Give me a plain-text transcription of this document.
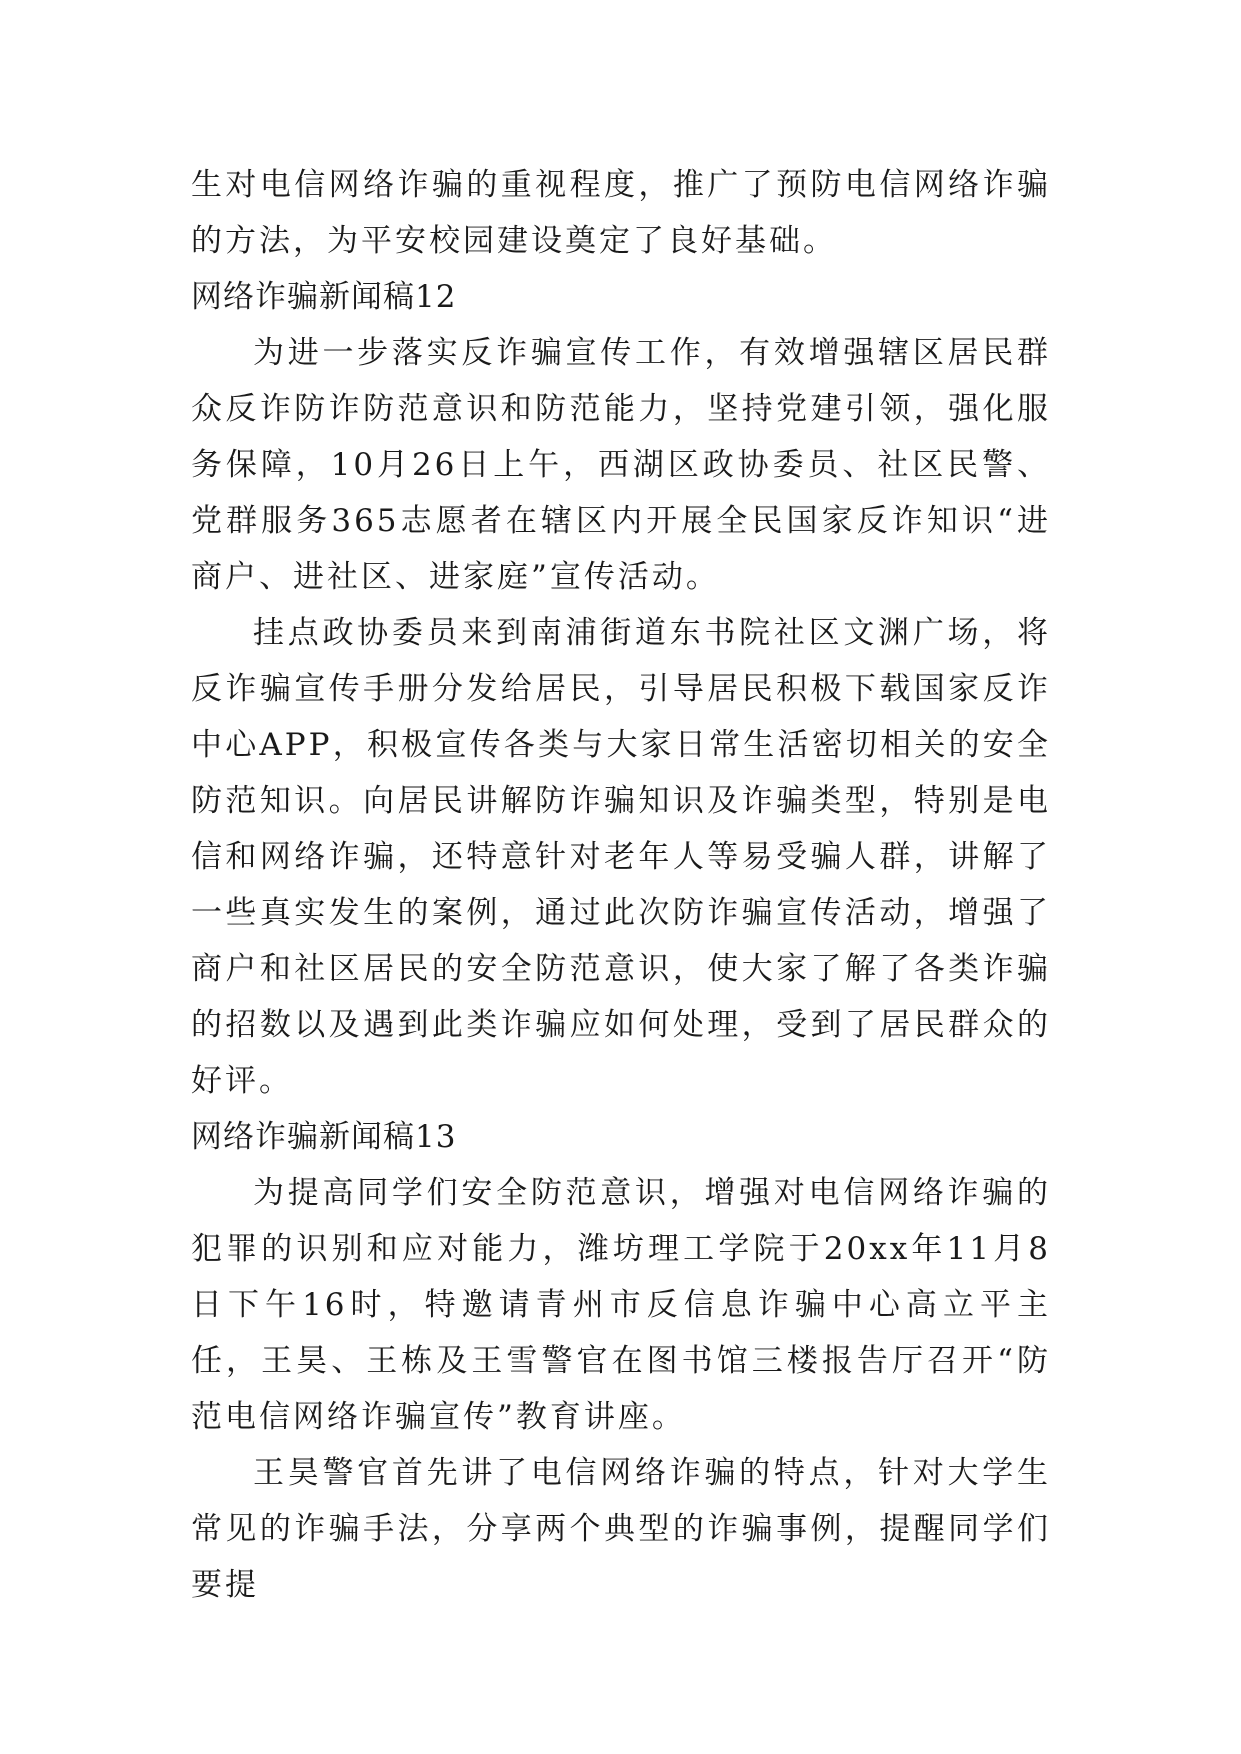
生对电信网络诈骗的重视程度，推广了预防电信网络诈骗的方法，为平安校园建设奠定了良好基础。

网络诈骗新闻稿12

为进一步落实反诈骗宣传工作，有效增强辖区居民群众反诈防诈防范意识和防范能力，坚持党建引领，强化服务保障，10月26日上午，西湖区政协委员、社区民警、党群服务365志愿者在辖区内开展全民国家反诈知识“进商户、进社区、进家庭”宣传活动。

挂点政协委员来到南浦街道东书院社区文渊广场，将反诈骗宣传手册分发给居民，引导居民积极下载国家反诈中心APP，积极宣传各类与大家日常生活密切相关的安全防范知识。向居民讲解防诈骗知识及诈骗类型，特别是电信和网络诈骗，还特意针对老年人等易受骗人群，讲解了一些真实发生的案例，通过此次防诈骗宣传活动，增强了商户和社区居民的安全防范意识，使大家了解了各类诈骗的招数以及遇到此类诈骗应如何处理，受到了居民群众的好评。

网络诈骗新闻稿13

为提高同学们安全防范意识，增强对电信网络诈骗的犯罪的识别和应对能力，潍坊理工学院于20xx年11月8日下午16时，特邀请青州市反信息诈骗中心高立平主任，王昊、王栋及王雪警官在图书馆三楼报告厅召开“防范电信网络诈骗宣传”教育讲座。

王昊警官首先讲了电信网络诈骗的特点，针对大学生常见的诈骗手法，分享两个典型的诈骗事例，提醒同学们要提
